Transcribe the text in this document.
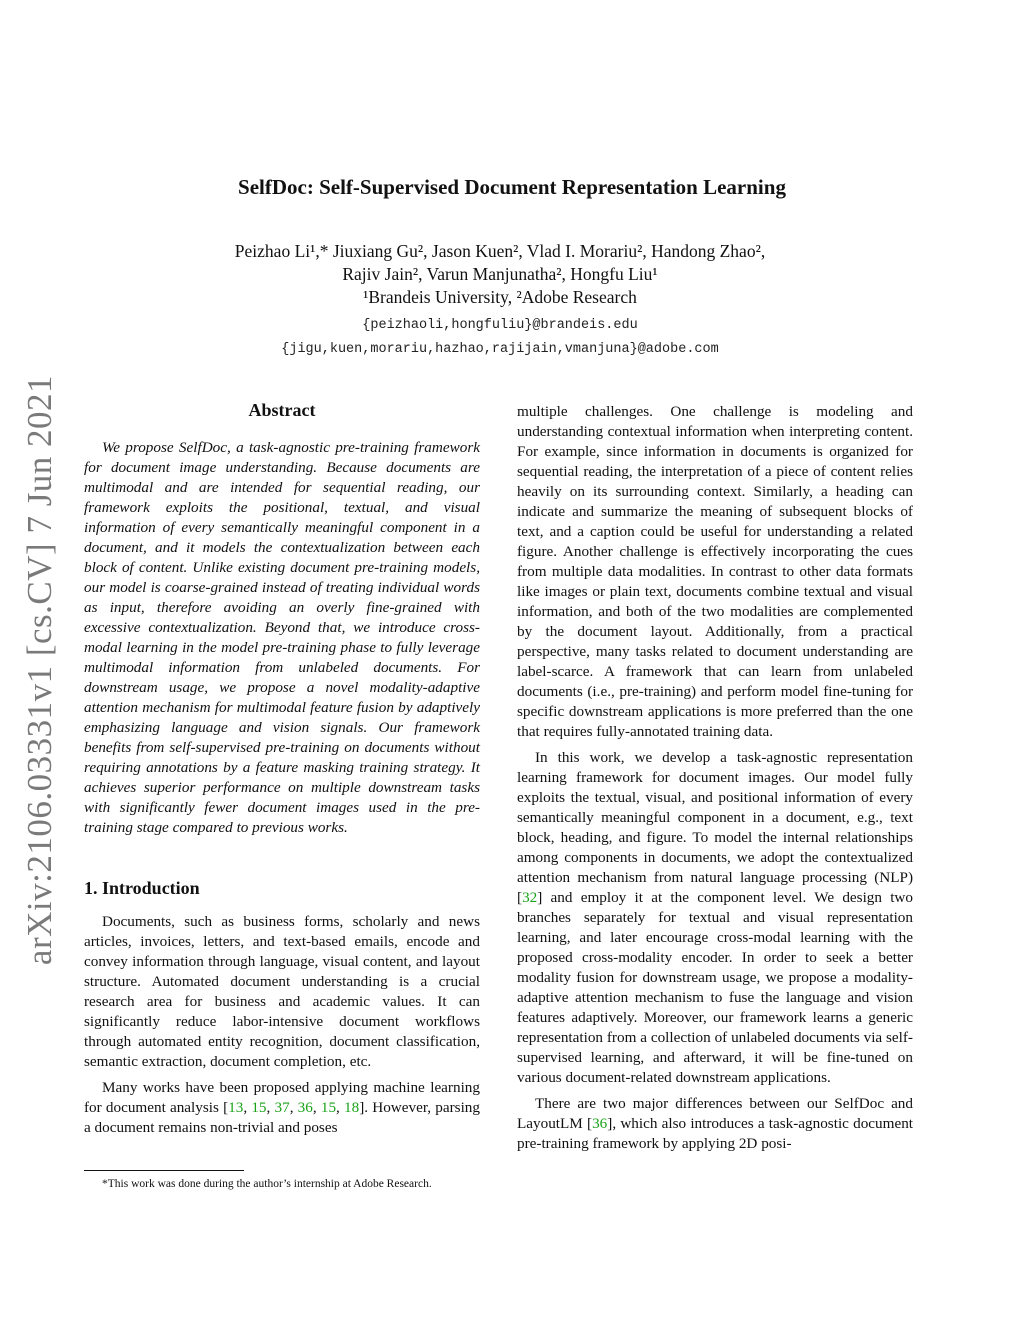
arXiv:2106.03331v1 [cs.CV] 7 Jun 2021
SelfDoc: Self-Supervised Document Representation Learning
Peizhao Li¹,* Jiuxiang Gu², Jason Kuen², Vlad I. Morariu², Handong Zhao²,
Rajiv Jain², Varun Manjunatha², Hongfu Liu¹
¹Brandeis University, ²Adobe Research
{peizhaoli,hongfuliu}@brandeis.edu
{jigu,kuen,morariu,hazhao,rajijain,vmanjuna}@adobe.com
Abstract

We propose SelfDoc, a task-agnostic pre-training framework for document image understanding. Because documents are multimodal and are intended for sequential reading, our framework exploits the positional, textual, and visual information of every semantically meaningful component in a document, and it models the contextualization between each block of content. Unlike existing document pre-training models, our model is coarse-grained instead of treating individual words as input, therefore avoiding an overly fine-grained with excessive contextualization. Beyond that, we introduce cross-modal learning in the model pre-training phase to fully leverage multimodal information from unlabeled documents. For downstream usage, we propose a novel modality-adaptive attention mechanism for multimodal feature fusion by adaptively emphasizing language and vision signals. Our framework benefits from self-supervised pre-training on documents without requiring annotations by a feature masking training strategy. It achieves superior performance on multiple downstream tasks with significantly fewer document images used in the pre-training stage compared to previous works.

1. Introduction

Documents, such as business forms, scholarly and news articles, invoices, letters, and text-based emails, encode and convey information through language, visual content, and layout structure. Automated document understanding is a crucial research area for business and academic values. It can significantly reduce labor-intensive document workflows through automated entity recognition, document classification, semantic extraction, document completion, etc.

Many works have been proposed applying machine learning for document analysis [13, 15, 37, 36, 15, 18]. However, parsing a document remains non-trivial and poses

*This work was done during the author’s internship at Adobe Research.

multiple challenges. One challenge is modeling and understanding contextual information when interpreting content. For example, since information in documents is organized for sequential reading, the interpretation of a piece of content relies heavily on its surrounding context. Similarly, a heading can indicate and summarize the meaning of subsequent blocks of text, and a caption could be useful for understanding a related figure. Another challenge is effectively incorporating the cues from multiple data modalities. In contrast to other data formats like images or plain text, documents combine textual and visual information, and both of the two modalities are complemented by the document layout. Additionally, from a practical perspective, many tasks related to document understanding are label-scarce. A framework that can learn from unlabeled documents (i.e., pre-training) and perform model fine-tuning for specific downstream applications is more preferred than the one that requires fully-annotated training data.

In this work, we develop a task-agnostic representation learning framework for document images. Our model fully exploits the textual, visual, and positional information of every semantically meaningful component in a document, e.g., text block, heading, and figure. To model the internal relationships among components in documents, we adopt the contextualized attention mechanism from natural language processing (NLP) [32] and employ it at the component level. We design two branches separately for textual and visual representation learning, and later encourage cross-modal learning with the proposed cross-modality encoder. In order to seek a better modality fusion for downstream usage, we propose a modality-adaptive attention mechanism to fuse the language and vision features adaptively. Moreover, our framework learns a generic representation from a collection of unlabeled documents via self-supervised learning, and afterward, it will be fine-tuned on various document-related downstream applications.

There are two major differences between our SelfDoc and LayoutLM [36], which also introduces a task-agnostic document pre-training framework by applying 2D posi-
